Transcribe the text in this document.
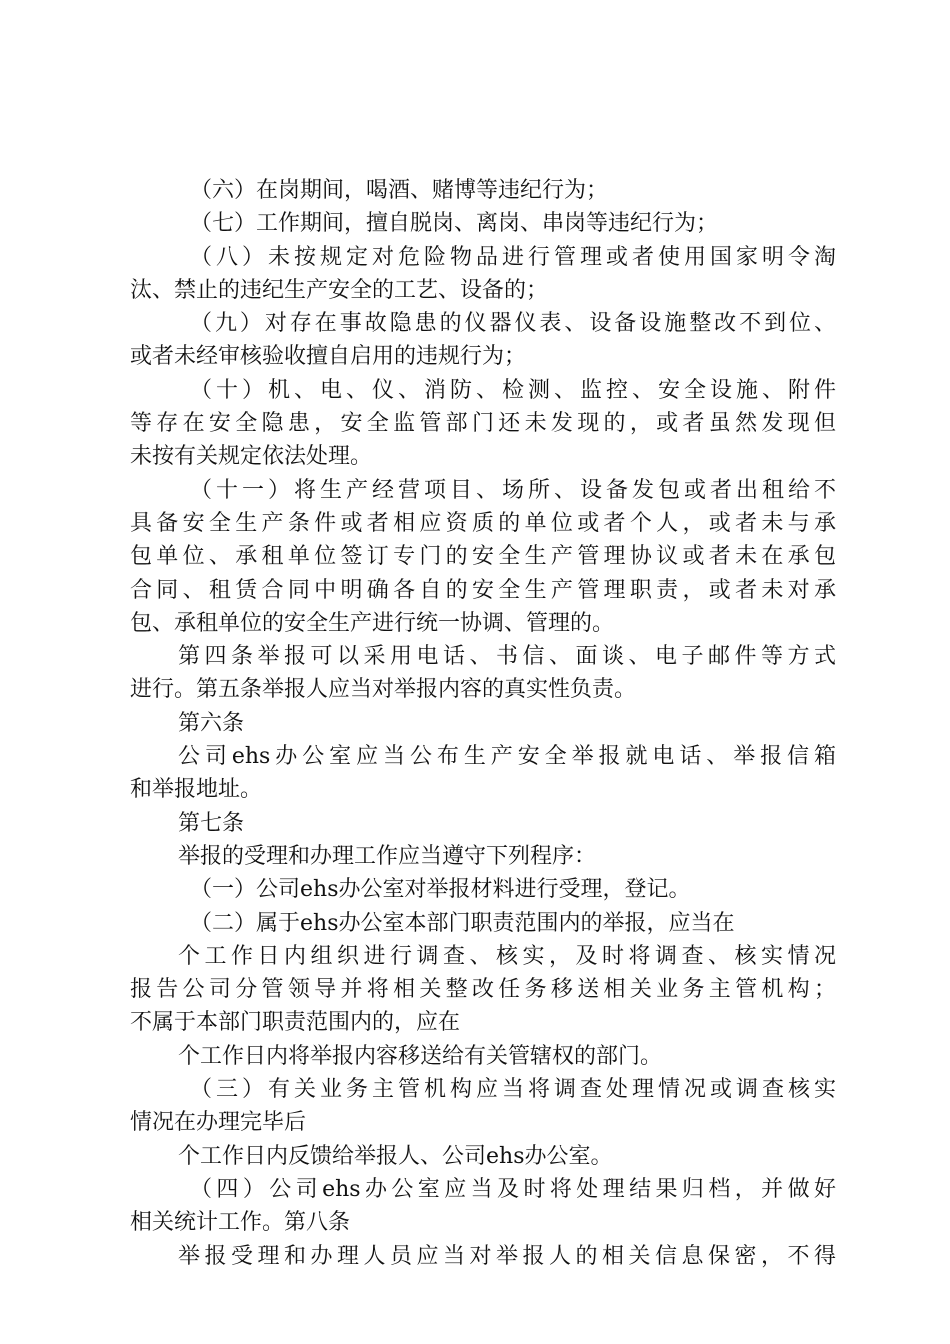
（六）在岗期间，喝酒、赌博等违纪行为；
（七）工作期间，擅自脱岗、离岗、串岗等违纪行为；
（八）未按规定对危险物品进行管理或者使用国家明令淘
汰、禁止的违纪生产安全的工艺、设备的；
（九）对存在事故隐患的仪器仪表、设备设施整改不到位、
或者未经审核验收擅自启用的违规行为；
（十）机、电、仪、消防、检测、监控、安全设施、附件
等存在安全隐患，安全监管部门还未发现的，或者虽然发现但
未按有关规定依法处理。
（十一）将生产经营项目、场所、设备发包或者出租给不
具备安全生产条件或者相应资质的单位或者个人，或者未与承
包单位、承租单位签订专门的安全生产管理协议或者未在承包
合同、租赁合同中明确各自的安全生产管理职责，或者未对承
包、承租单位的安全生产进行统一协调、管理的。
第四条举报可以采用电话、书信、面谈、电子邮件等方式
进行。第五条举报人应当对举报内容的真实性负责。
第六条
公司ehs办公室应当公布生产安全举报就电话、举报信箱
和举报地址。
第七条
举报的受理和办理工作应当遵守下列程序：
（一）公司ehs办公室对举报材料进行受理，登记。
（二）属于ehs办公室本部门职责范围内的举报，应当在
个工作日内组织进行调查、核实，及时将调查、核实情况
报告公司分管领导并将相关整改任务移送相关业务主管机构；
不属于本部门职责范围内的，应在
个工作日内将举报内容移送给有关管辖权的部门。
（三）有关业务主管机构应当将调查处理情况或调查核实
情况在办理完毕后
个工作日内反馈给举报人、公司ehs办公室。
（四）公司ehs办公室应当及时将处理结果归档，并做好
相关统计工作。第八条
举报受理和办理人员应当对举报人的相关信息保密，不得
